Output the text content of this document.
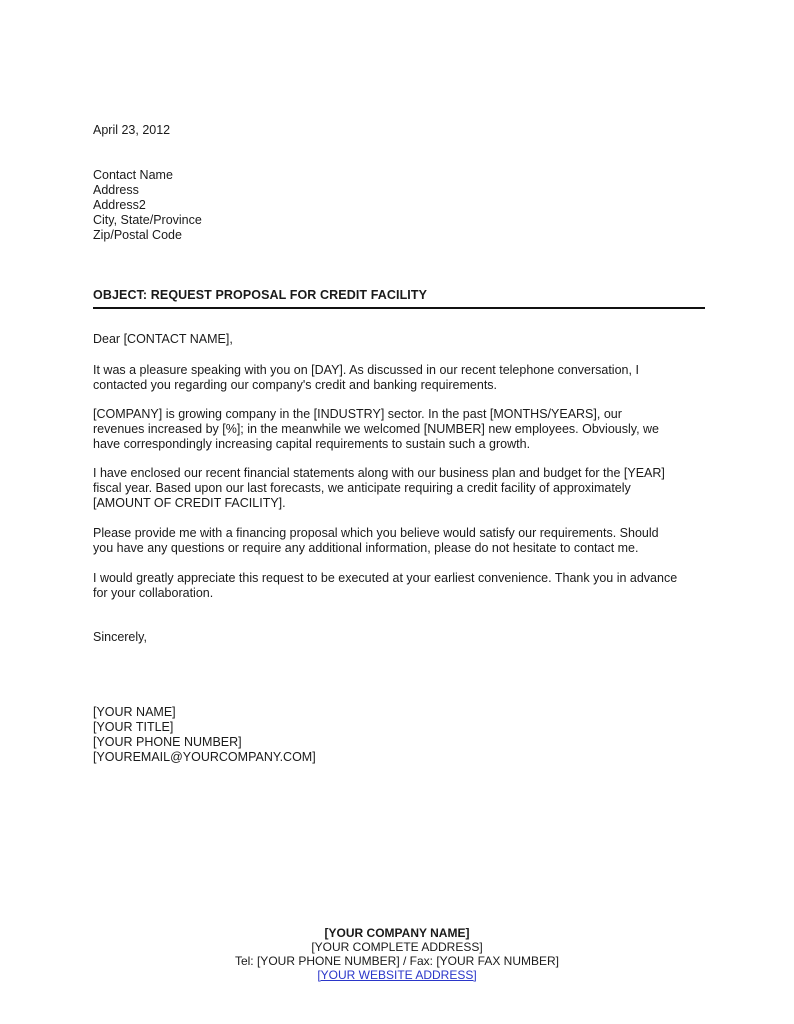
April 23, 2012
Contact Name
Address
Address2
City, State/Province
Zip/Postal Code
OBJECT: REQUEST PROPOSAL FOR CREDIT FACILITY
Dear [CONTACT NAME],
It was a pleasure speaking with you on [DAY]. As discussed in our recent telephone conversation, I
contacted you regarding our company's credit and banking requirements.
[COMPANY] is growing company in the [INDUSTRY] sector. In the past [MONTHS/YEARS], our
revenues increased by [%]; in the meanwhile we welcomed [NUMBER] new employees. Obviously, we
have correspondingly increasing capital requirements to sustain such a growth.
I have enclosed our recent financial statements along with our business plan and budget for the [YEAR]
fiscal year. Based upon our last forecasts, we anticipate requiring a credit facility of approximately
[AMOUNT OF CREDIT FACILITY].
Please provide me with a financing proposal which you believe would satisfy our requirements. Should
you have any questions or require any additional information, please do not hesitate to contact me.
I would greatly appreciate this request to be executed at your earliest convenience. Thank you in advance
for your collaboration.
Sincerely,
[YOUR NAME]
[YOUR TITLE]
[YOUR PHONE NUMBER]
[YOUREMAIL@YOURCOMPANY.COM]
[YOUR COMPANY NAME]
[YOUR COMPLETE ADDRESS]
Tel: [YOUR PHONE NUMBER] / Fax: [YOUR FAX NUMBER]
[YOUR WEBSITE ADDRESS]
